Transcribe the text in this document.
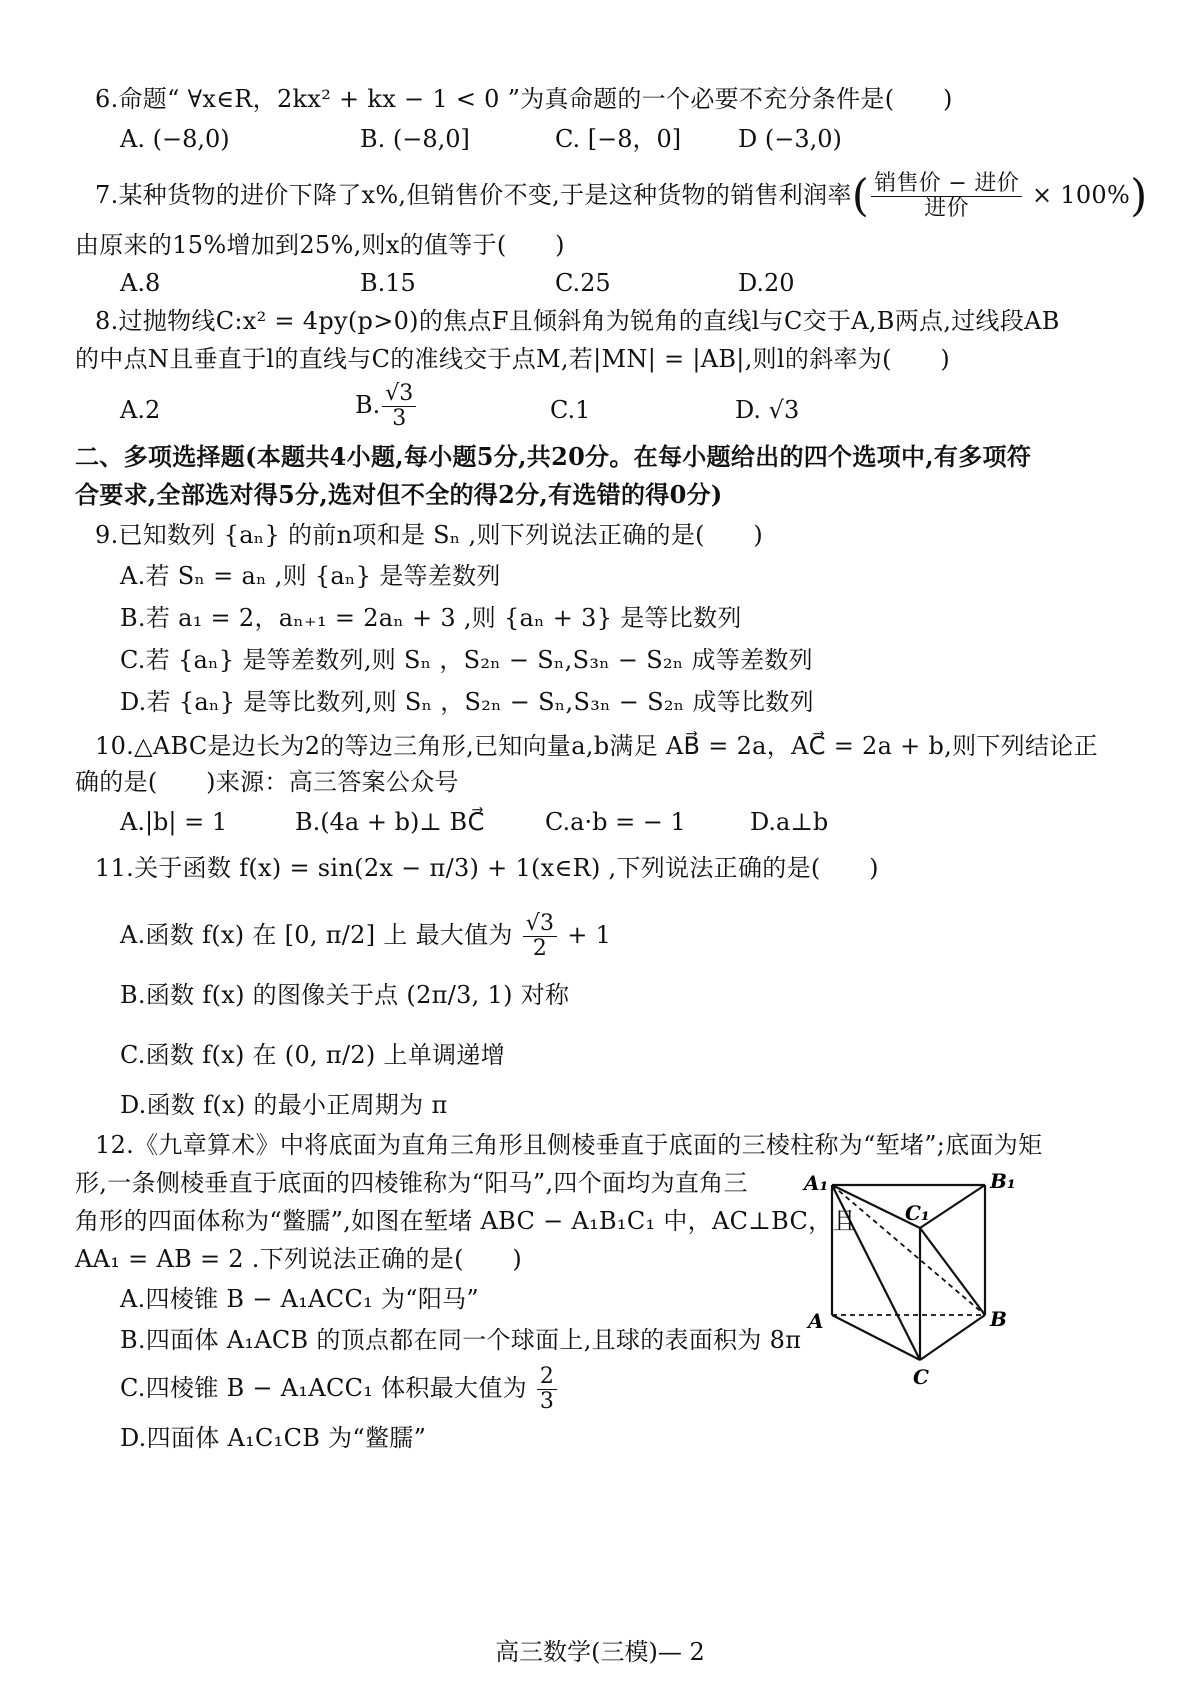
6.命题“ ∀x∈R，2kx² + kx − 1 < 0 ”为真命题的一个必要不充分条件是(　　)
A. (−8,0)	B. (−8,0]	C. [−8，0] D (−3,0)
7.某种货物的进价下降了x%,但销售价不变,于是这种货物的销售利润率( $\frac{\text{销售价 − 进价}}{\text{进价}} \times 100\%$)
由原来的15%增加到25%,则x的值等于(　　)
A.8	B.15	C.25	D.20
8.过抛物线C:x² = 4py(p>0)的焦点F且倾斜角为锐角的直线l与C交于A,B两点,过线段AB
的中点N且垂直于l的直线与C的准线交于点M,若|MN| = |AB|,则l的斜率为(　　)
A.2	B. $\frac{√3}{3}$	C.1	D. √3
二、多项选择题(本题共4小题,每小题5分,共20分。在每小题给出的四个选项中,有多项符
合要求,全部选对得5分,选对但不全的得2分,有选错的得0分)
9.已知数列 {aₙ} 的前n项和是 Sₙ ,则下列说法正确的是(　　)
A.若 Sₙ = aₙ ,则 {aₙ} 是等差数列
B.若 a₁ = 2，aₙ₊₁ = 2aₙ + 3 ,则 {aₙ + 3} 是等比数列
C.若 {aₙ} 是等差数列,则 Sₙ ，S₂ₙ − Sₙ,S₃ₙ − S₂ₙ 成等差数列
D.若 {aₙ} 是等比数列,则 Sₙ ，S₂ₙ − Sₙ,S₃ₙ − S₂ₙ 成等比数列
10.△ABC是边长为2的等边三角形,已知向量a,b满足 AB⃗ = 2a，AC⃗ = 2a + b,则下列结论正
确的是(　　)来源：高三答案公众号
A.|b| = 1	B.(4a + b)⊥ BC⃗	C.a·b = − 1	D.a⊥b
11.关于函数 f(x) = sin(2x − π/3) + 1(x∈R) ,下列说法正确的是(　　)
A.函数 f(x) 在 [0, π/2] 上 最大值为 $\frac{√3}{2} + 1$
B.函数 f(x) 的图像关于点 (2π/3, 1) 对称
C.函数 f(x) 在 (0, π/2) 上单调递增
D.函数 f(x) 的最小正周期为 π
12.《九章算术》中将底面为直角三角形且侧棱垂直于底面的三棱柱称为“堑堵”;底面为矩
形,一条侧棱垂直于底面的四棱锥称为“阳马”,四个面均为直角三
角形的四面体称为“鳖臑”,如图在堑堵 ABC − A₁B₁C₁ 中，AC⊥BC，且
AA₁ = AB = 2 .下列说法正确的是(　　)
A.四棱锥 B − A₁ACC₁ 为“阳马”
B.四面体 A₁ACB 的顶点都在同一个球面上,且球的表面积为 8π
C.四棱锥 B − A₁ACC₁ 体积最大值为 $\frac{2}{3}$
D.四面体 A₁C₁CB 为“鳖臑”
A₁	B₁
C₁
A	B
C
高三数学(三模)— 2
